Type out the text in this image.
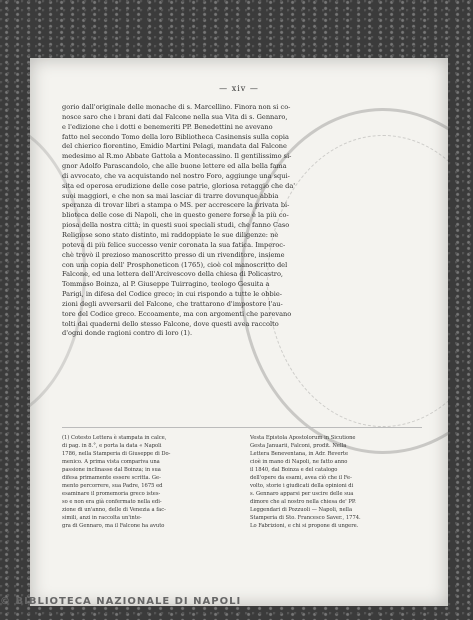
— xiv —
gorio dall'originale delle monache di s. Marcellino. Finora non si co-
nosce saro che i brani dati dal Falcone nella sua Vita di s. Gennaro,
e l'edizione che i dotti e benemeriti PP. Benedettini ne avevano
fatto nel secondo Tomo della loro Bibliotheca Casinensis sulla copia
del chierico fiorentino, Emidio Martini Pelagi, mandata dal Falcone
medesimo al R.mo Abbate Gattola a Montecassino. Il gentilissimo si-
gnor Adolfo Parascandolo, che alle buone lettere ed alla bella fama
di avvocato, che va acquistando nel nostro Foro, aggiunge una squi-
sita ed operosa erudizione delle cose patrie, gloriosa retaggio che da'
suoi maggiori, e che non sa mai lasciar di trarre dovunque abbia
speranza di trovar libri a stampa o MS. per accrescere la privata bi-
blioteca delle cose di Napoli, che in questo genere forse è la più co-
piosa della nostra città; in questi suoi speciali studi, che fanno Caso
Religiose sono stato distinto, mi raddoppiate le sue diligenze: nè
poteva di più felice successo venir coronata la sua fatica. Imperoc-
chè trovò il prezioso manoscritto presso di un rivenditore, insieme
con una copia dell' Prosphoneticon (1765), cioè col manoscritto del
Falcone, ed una lettera dell'Arcivescovo della chiesa di Policastro,
Tommaso Boinza, al P. Giuseppe Tuirragino, teologo Gesuita a
Parigi, in difesa del Codice greco; in cui rispondo a tutte le obbie-
zioni degli avversarii del Falcone, che trattarono d'impostore l'au-
tore del Codice greco. Eccoamente, ma con argomenti che parevano
tolti dai quaderni dello stesso Falcone, dove questi avea raccolto
d'ogni donde ragioni contro di loro (1).
(1) Cotesto Lettera è stampata in calce,
di pag. in 8.°, e porta la data « Napoli
1786, nella Stamperia di Giuseppe di Do-
menico. A prima vista compariva una
passione inclinasse dal Boinza; in sua
difesa primamente essere scritta. Ge-
mento percorrere, sua Padre, 1675 ed
esaminare il promemoria greco istes-
so e non era già confermato nella edi-
zione di un'anno, delle di Venezia a fac-
simili, anzi in raccolta un'inte-
gra di Gennaro, ma il Falcone ha avuto
Vesta Epistola Apostolorum in Sicutione
Gesta Januarii, Falconi, prodit. Nella
Lettera Beneventana, in Adr. Reverte
cioè in mano di Napoli, ne fatto anno
il 1840, dal Boinza e del catalogo
dell'opere da esami, avea ciò che il Fe-
volto, storie i giudicati della opinioni di
s. Gennaro apparsi per uscire delle sua
dimore che al nostro nella chiesa de' PP.
Leggendari di Pozzuoli — Napoli, nella
Stamperia di Sto. Francesco Saver., 1774.
Lo Fabrizioni, e chi si propone di ungere.
© BIBLIOTECA NAZIONALE DI NAPOLI
